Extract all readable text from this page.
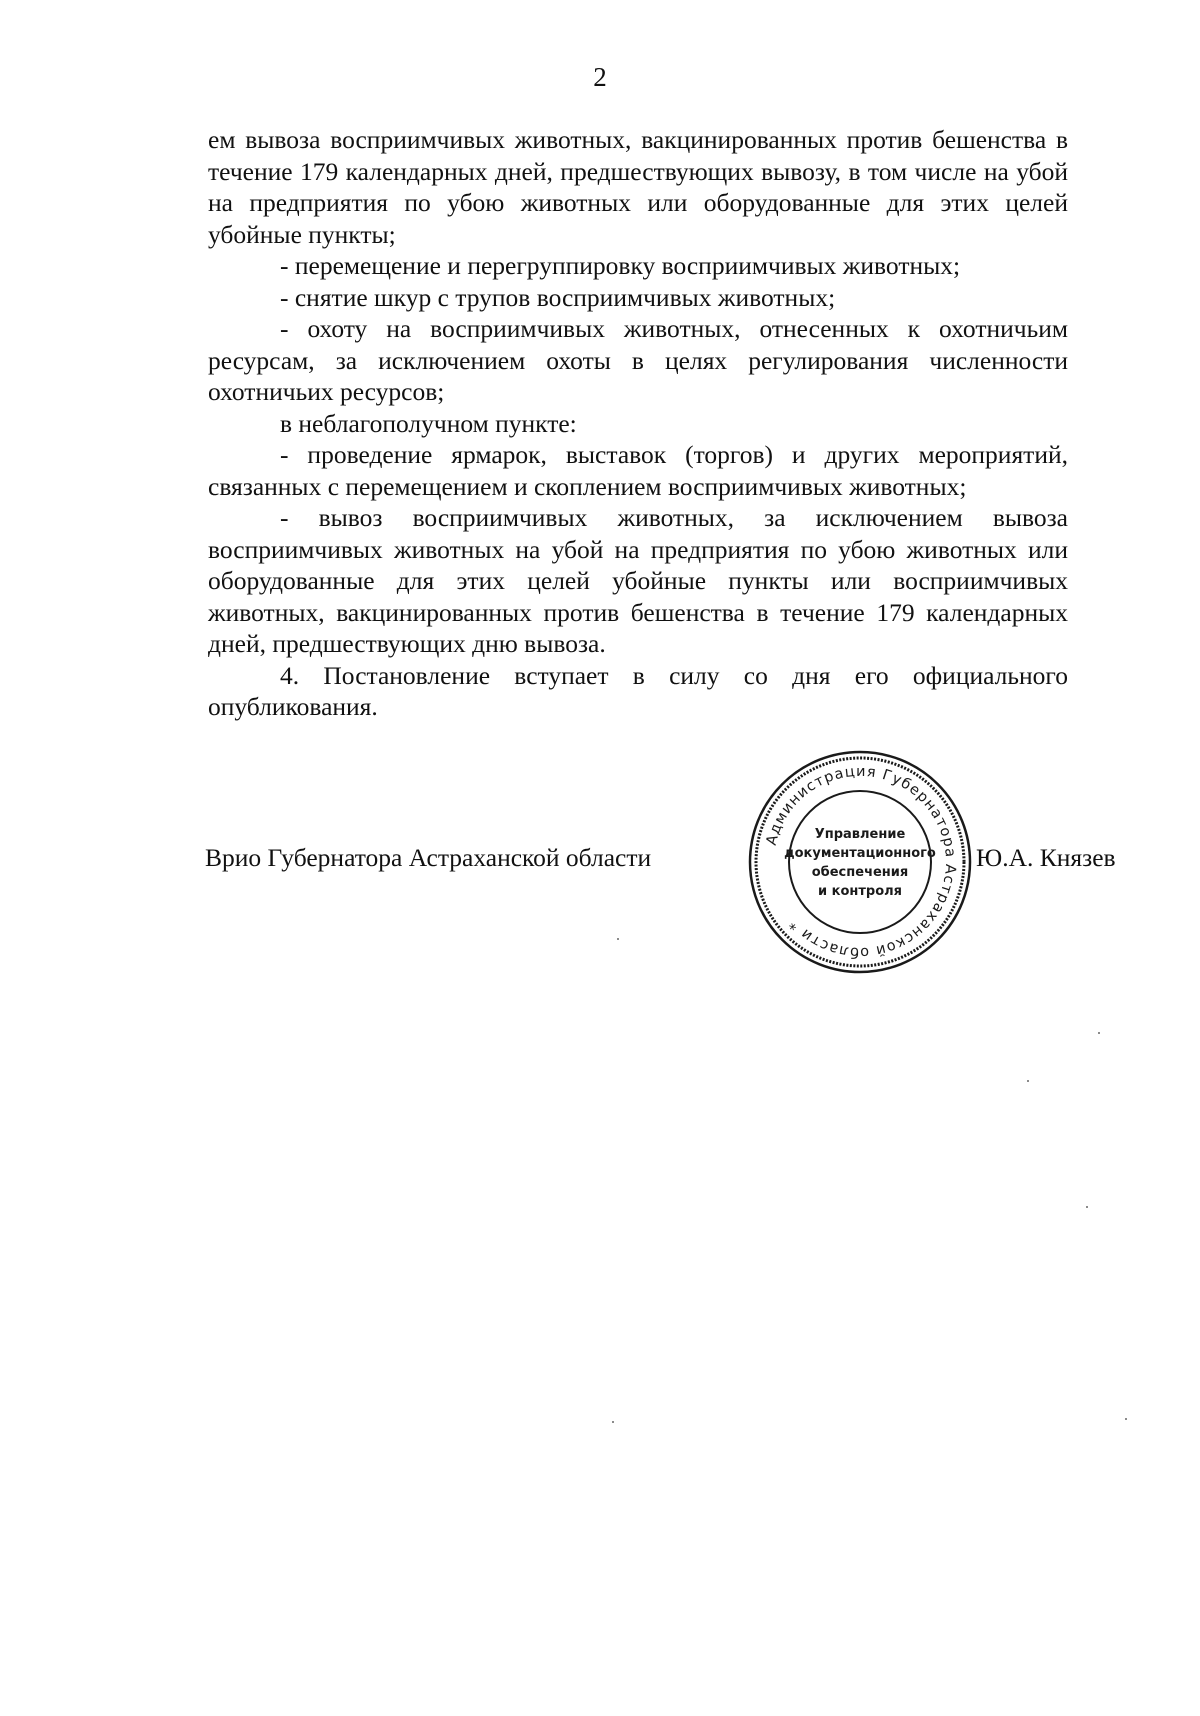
2

ем вывоза восприимчивых животных, вакцинированных против бешенства в течение 179 календарных дней, предшествующих вывозу, в том числе на убой на предприятия по убою животных или оборудованные для этих целей убойные пункты;

- перемещение и перегруппировку восприимчивых животных;

- снятие шкур с трупов восприимчивых животных;

- охоту на восприимчивых животных, отнесенных к охотничьим ресурсам, за исключением охоты в целях регулирования численности охотничьих ресурсов;

в неблагополучном пункте:

- проведение ярмарок, выставок (торгов) и других мероприятий, связанных с перемещением и скоплением восприимчивых животных;

- вывоз восприимчивых животных, за исключением вывоза восприимчивых животных на убой на предприятия по убою животных или оборудованные для этих целей убойные пункты или восприимчивых животных, вакцинированных против бешенства в течение 179 календарных дней, предшествующих дню вывоза.

4. Постановление вступает в силу со дня его официального опубликования.

Врио Губернатора Астраханской области
Администрация Губернатора Астраханской области *
Управление
документационного
обеспечения
и контроля
Ю.А. Князев
